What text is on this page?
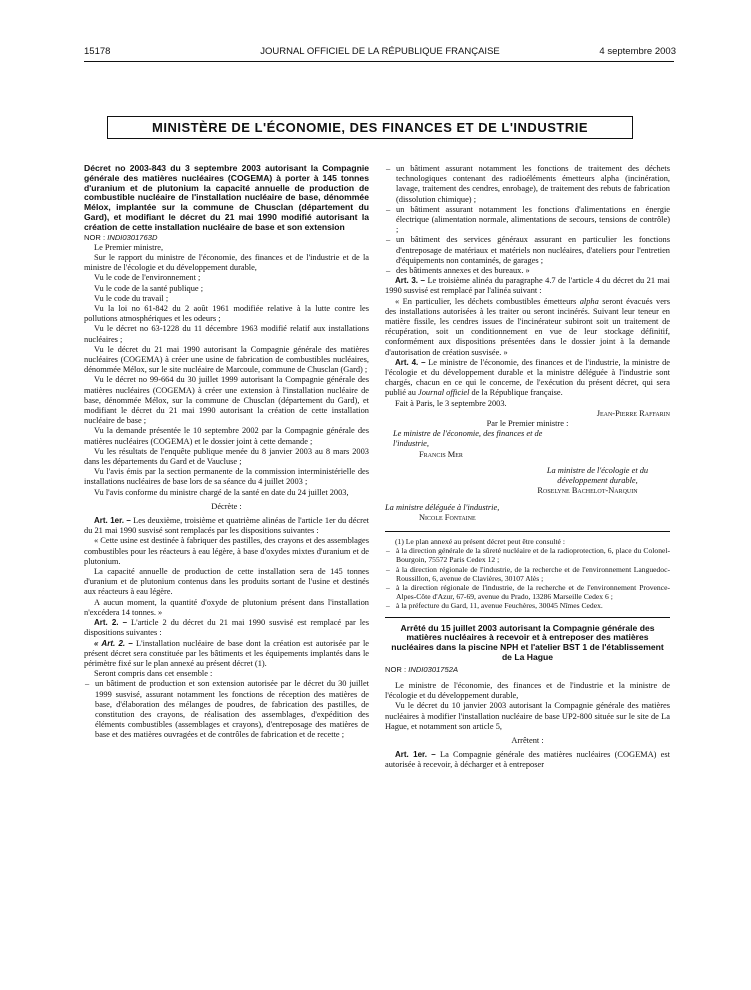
15178	JOURNAL OFFICIEL DE LA RÉPUBLIQUE FRANÇAISE	4 septembre 2003
MINISTÈRE DE L'ÉCONOMIE, DES FINANCES ET DE L'INDUSTRIE

Décret no 2003-843 du 3 septembre 2003 autorisant la Compagnie générale des matières nucléaires (COGEMA) à porter à 145 tonnes d'uranium et de plutonium la capacité annuelle de production de combustible nucléaire de l'installation nucléaire de base, dénommée Mélox, implantée sur la commune de Chusclan (département du Gard), et modifiant le décret du 21 mai 1990 modifié autorisant la création de cette installation nucléaire de base et son extension

NOR : INDI0301763D

Le Premier ministre,

Sur le rapport du ministre de l'économie, des finances et de l'industrie et de la ministre de l'écologie et du développement durable,

Vu le code de l'environnement ;

Vu le code de la santé publique ;

Vu le code du travail ;

Vu la loi no 61-842 du 2 août 1961 modifiée relative à la lutte contre les pollutions atmosphériques et les odeurs ;

Vu le décret no 63-1228 du 11 décembre 1963 modifié relatif aux installations nucléaires ;

Vu le décret du 21 mai 1990 autorisant la Compagnie générale des matières nucléaires (COGEMA) à créer une usine de fabrication de combustibles nucléaires, dénommée Mélox, sur le site nucléaire de Marcoule, commune de Chusclan (Gard) ;

Vu le décret no 99-664 du 30 juillet 1999 autorisant la Compagnie générale des matières nucléaires (COGEMA) à créer une extension à l'installation nucléaire de base, dénommée Mélox, sur la commune de Chusclan (département du Gard), et modifiant le décret du 21 mai 1990 autorisant la création de cette installation nucléaire de base ;

Vu la demande présentée le 10 septembre 2002 par la Compagnie générale des matières nucléaires (COGEMA) et le dossier joint à cette demande ;

Vu les résultats de l'enquête publique menée du 8 janvier 2003 au 8 mars 2003 dans les départements du Gard et de Vaucluse ;

Vu l'avis émis par la section permanente de la commission interministérielle des installations nucléaires de base lors de sa séance du 4 juillet 2003 ;

Vu l'avis conforme du ministre chargé de la santé en date du 24 juillet 2003,

Décrète :

Art. 1er. – Les deuxième, troisième et quatrième alinéas de l'article 1er du décret du 21 mai 1990 susvisé sont remplacés par les dispositions suivantes :

« Cette usine est destinée à fabriquer des pastilles, des crayons et des assemblages combustibles pour les réacteurs à eau légère, à base d'oxydes mixtes d'uranium et de plutonium.

La capacité annuelle de production de cette installation sera de 145 tonnes d'uranium et de plutonium contenus dans les produits sortant de l'usine et destinés aux réacteurs à eau légère.

A aucun moment, la quantité d'oxyde de plutonium présent dans l'installation n'excédera 14 tonnes. »

Art. 2. – L'article 2 du décret du 21 mai 1990 susvisé est remplacé par les dispositions suivantes :

« Art. 2. – L'installation nucléaire de base dont la création est autorisée par le présent décret sera constituée par les bâtiments et les équipements implantés dans le périmètre fixé sur le plan annexé au présent décret (1).

Seront compris dans cet ensemble :

– un bâtiment de production et son extension autorisée par le décret du 30 juillet 1999 susvisé, assurant notamment les fonctions de réception des matières de base, d'élaboration des mélanges de poudres, de fabrication des pastilles, de constitution des crayons, de réalisation des assemblages, d'expédition des éléments combustibles (assemblages et crayons), d'entreposage des matières de base et des matières ouvragées et de contrôles de fabrication et de recette ;
– un bâtiment assurant notamment les fonctions de traitement des déchets technologiques contenant des radioéléments émetteurs alpha (incinération, lavage, traitement des cendres, enrobage), de traitement des rebuts de fabrication (dissolution chimique) ;
– un bâtiment assurant notamment les fonctions d'alimentations en énergie électrique (alimentation normale, alimentations de secours, tensions de contrôle) ;
– un bâtiment des services généraux assurant en particulier les fonctions d'entreposage de matériaux et matériels non nucléaires, d'ateliers pour l'entretien d'équipements non contaminés, de garages ;
– des bâtiments annexes et des bureaux. »

Art. 3. – Le troisième alinéa du paragraphe 4.7 de l'article 4 du décret du 21 mai 1990 susvisé est remplacé par l'alinéa suivant :

« En particulier, les déchets combustibles émetteurs alpha seront évacués vers des installations autorisées à les traiter ou seront incinérés. Suivant leur teneur en matière fissile, les cendres issues de l'incinérateur subiront soit un traitement de récupération, soit un conditionnement en vue de leur stockage définitif, conformément aux dispositions présentées dans le dossier joint à la demande d'autorisation de création susvisée. »

Art. 4. – Le ministre de l'économie, des finances et de l'industrie, la ministre de l'écologie et du développement durable et la ministre déléguée à l'industrie sont chargés, chacun en ce qui le concerne, de l'exécution du présent décret, qui sera publié au Journal officiel de la République française.

Fait à Paris, le 3 septembre 2003.

Jean-Pierre Raffarin

Par le Premier ministre :

Le ministre de l'économie, des finances et de l'industrie,

Francis Mer

La ministre de l'écologie et du développement durable,

Roselyne Bachelot-Narquin

La ministre déléguée à l'industrie,

Nicole Fontaine

(1) Le plan annexé au présent décret peut être consulté :

– à la direction générale de la sûreté nucléaire et de la radioprotection, 6, place du Colonel-Bourgoin, 75572 Paris Cedex 12 ;
– à la direction régionale de l'industrie, de la recherche et de l'environnement Languedoc-Roussillon, 6, avenue de Clavières, 30107 Alès ;
– à la direction régionale de l'industrie, de la recherche et de l'environnement Provence-Alpes-Côte d'Azur, 67-69, avenue du Prado, 13286 Marseille Cedex 6 ;
– à la préfecture du Gard, 11, avenue Feuchères, 30045 Nîmes Cedex.

Arrêté du 15 juillet 2003 autorisant la Compagnie générale des matières nucléaires à recevoir et à entreposer des matières nucléaires dans la piscine NPH et l'atelier BST 1 de l'établissement de La Hague

NOR : INDI0301752A

Le ministre de l'économie, des finances et de l'industrie et la ministre de l'écologie et du développement durable,

Vu le décret du 10 janvier 2003 autorisant la Compagnie générale des matières nucléaires à modifier l'installation nucléaire de base UP2-800 située sur le site de La Hague, et notamment son article 5,

Arrêtent :

Art. 1er. – La Compagnie générale des matières nucléaires (COGEMA) est autorisée à recevoir, à décharger et à entreposer
